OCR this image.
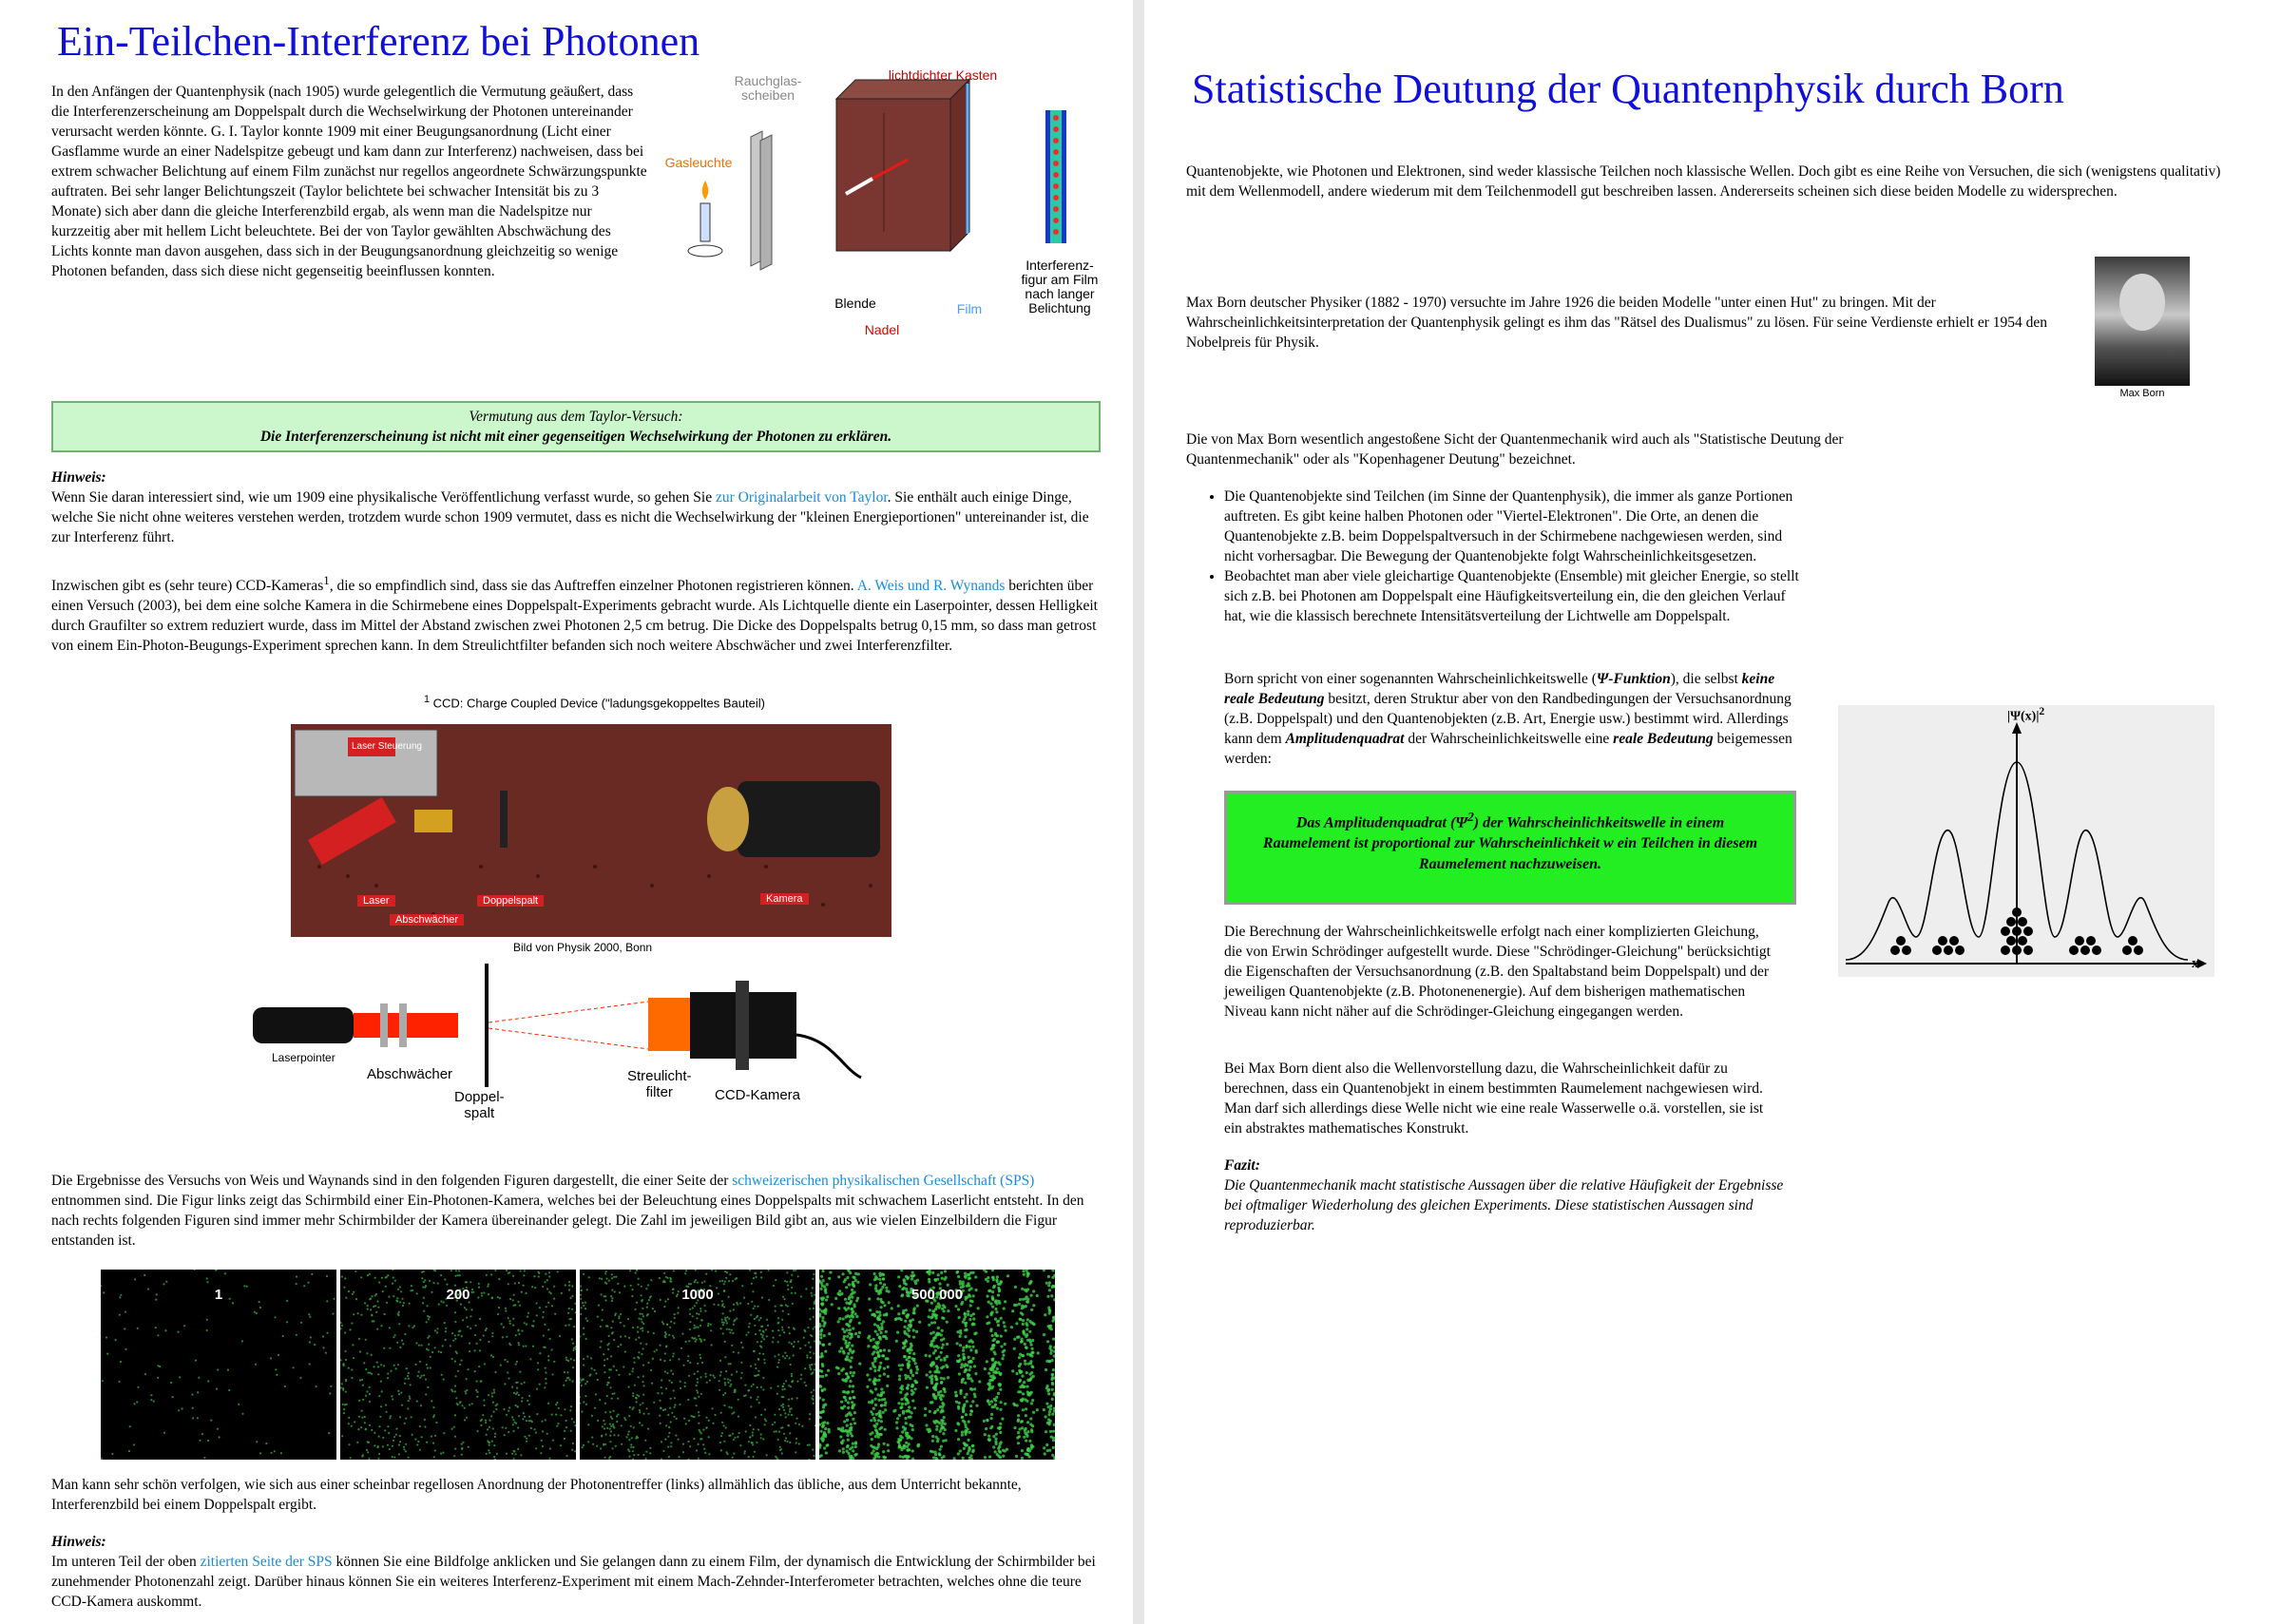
Ein-Teilchen-Interferenz bei Photonen
In den Anfängen der Quantenphysik (nach 1905) wurde gelegentlich die Vermutung geäußert, dass die Interferenzerscheinung am Doppelspalt durch die Wechselwirkung der Photonen untereinander verursacht werden könnte. G. I. Taylor konnte 1909 mit einer Beugungsanordnung (Licht einer Gasflamme wurde an einer Nadelspitze gebeugt und kam dann zur Interferenz) nachweisen, dass bei extrem schwacher Belichtung auf einem Film zunächst nur regellos angeordnete Schwärzungspunkte auftraten. Bei sehr langer Belichtungszeit (Taylor belichtete bei schwacher Intensität bis zu 3 Monate) sich aber dann die gleiche Interferenzbild ergab, als wenn man die Nadelspitze nur kurzzeitig aber mit hellem Licht beleuchtete. Bei der von Taylor gewählten Abschwächung des Lichts konnte man davon ausgehen, dass sich in der Beugungsanordnung gleichzeitig so wenige Photonen befanden, dass sich diese nicht gegenseitig beeinflussen konnten.
Rauchglas-
scheiben
lichtdichter Kasten
Gasleuchte
Blende
Nadel
Film
Interferenz-
figur am Film
nach langer
Belichtung
Vermutung aus dem Taylor-Versuch:
Die Interferenzerscheinung ist nicht mit einer gegenseitigen Wechselwirkung der Photonen zu erklären.
Hinweis:
Wenn Sie daran interessiert sind, wie um 1909 eine physikalische Veröffentlichung verfasst wurde, so gehen Sie zur Originalarbeit von Taylor. Sie enthält auch einige Dinge, welche Sie nicht ohne weiteres verstehen werden, trotzdem wurde schon 1909 vermutet, dass es nicht die Wechselwirkung der "kleinen Energieportionen" untereinander ist, die zur Interferenz führt.
Inzwischen gibt es (sehr teure) CCD-Kameras$^1$, die so empfindlich sind, dass sie das Auftreffen einzelner Photonen registrieren können. A. Weis und R. Wynands berichten über einen Versuch (2003), bei dem eine solche Kamera in die Schirmebene eines Doppelspalt-Experiments gebracht wurde. Als Lichtquelle diente ein Laserpointer, dessen Helligkeit durch Graufilter so extrem reduziert wurde, dass im Mittel der Abstand zwischen zwei Photonen 2,5 cm betrug. Die Dicke des Doppelspalts betrug 0,15 mm, so dass man getrost von einem Ein-Photon-Beugungs-Experiment sprechen kann. In dem Streulichtfilter befanden sich noch weitere Abschwächer und zwei Interferenzfilter.
$^1$ CCD: Charge Coupled Device ("ladungsgekoppeltes Bauteil)
Laser Steuerung
Laser
Abschwächer
Doppelspalt	Kamera
Bild von Physik 2000, Bonn
Laserpointer
Abschwächer
Doppel-
spalt
Streulicht-
filter	CCD-Kamera
Die Ergebnisse des Versuchs von Weis und Waynands sind in den folgenden Figuren dargestellt, die einer Seite der schweizerischen physikalischen Gesellschaft (SPS) entnommen sind. Die Figur links zeigt das Schirmbild einer Ein-Photonen-Kamera, welches bei der Beleuchtung eines Doppelspalts mit schwachem Laserlicht entsteht. In den nach rechts folgenden Figuren sind immer mehr Schirmbilder der Kamera übereinander gelegt. Die Zahl im jeweiligen Bild gibt an, aus wie vielen Einzelbildern die Figur entstanden ist.
1	200	1000	500 000
Man kann sehr schön verfolgen, wie sich aus einer scheinbar regellosen Anordnung der Photonentreffer (links) allmählich das übliche, aus dem Unterricht bekannte, Interferenzbild bei einem Doppelspalt ergibt.
Hinweis:
Im unteren Teil der oben zitierten Seite der SPS können Sie eine Bildfolge anklicken und Sie gelangen dann zu einem Film, der dynamisch die Entwicklung der Schirmbilder bei zunehmender Photonenzahl zeigt. Darüber hinaus können Sie ein weiteres Interferenz-Experiment mit einem Mach-Zehnder-Interferometer betrachten, welches ohne die teure CCD-Kamera auskommt.
Statistische Deutung der Quantenphysik durch Born
Quantenobjekte, wie Photonen und Elektronen, sind weder klassische Teilchen noch klassische Wellen. Doch gibt es eine Reihe von Versuchen, die sich (wenigstens qualitativ) mit dem Wellenmodell, andere wiederum mit dem Teilchenmodell gut beschreiben lassen. Andererseits scheinen sich diese beiden Modelle zu widersprechen.
Max Born deutscher Physiker (1882 - 1970) versuchte im Jahre 1926 die beiden Modelle "unter einen Hut" zu bringen. Mit der Wahrscheinlichkeitsinterpretation der Quantenphysik gelingt es ihm das "Rätsel des Dualismus" zu lösen. Für seine Verdienste erhielt er 1954 den Nobelpreis für Physik.
Max Born
Die von Max Born wesentlich angestoßene Sicht der Quantenmechanik wird auch als "Statistische Deutung der Quantenmechanik" oder als "Kopenhagener Deutung" bezeichnet.
• Die Quantenobjekte sind Teilchen (im Sinne der Quantenphysik), die immer als ganze Portionen auftreten. Es gibt keine halben Photonen oder "Viertel-Elektronen". Die Orte, an denen die Quantenobjekte z.B. beim Doppelspaltversuch in der Schirmebene nachgewiesen werden, sind nicht vorhersagbar. Die Bewegung der Quantenobjekte folgt Wahrscheinlichkeitsgesetzen.
• Beobachtet man aber viele gleichartige Quantenobjekte (Ensemble) mit gleicher Energie, so stellt sich z.B. bei Photonen am Doppelspalt eine Häufigkeitsverteilung ein, die den gleichen Verlauf hat, wie die klassisch berechnete Intensitätsverteilung der Lichtwelle am Doppelspalt.
Born spricht von einer sogenannten Wahrscheinlichkeitswelle (Ψ-Funktion), die selbst keine reale Bedeutung besitzt, deren Struktur aber von den Randbedingungen der Versuchsanordnung (z.B. Doppelspalt) und den Quantenobjekten (z.B. Art, Energie usw.) bestimmt wird. Allerdings kann dem Amplitudenquadrat der Wahrscheinlichkeitswelle eine reale Bedeutung beigemessen werden:
Das Amplitudenquadrat $(\Psi^2)$ der Wahrscheinlichkeitswelle in einem Raumelement ist proportional zur Wahrscheinlichkeit w ein Teilchen in diesem Raumelement nachzuweisen.
Die Berechnung der Wahrscheinlichkeitswelle erfolgt nach einer komplizierten Gleichung, die von Erwin Schrödinger aufgestellt wurde. Diese "Schrödinger-Gleichung" berücksichtigt die Eigenschaften der Versuchsanordnung (z.B. den Spaltabstand beim Doppelspalt) und der jeweiligen Quantenobjekte (z.B. Photonenenergie). Auf dem bisherigen mathematischen Niveau kann nicht näher auf die Schrödinger-Gleichung eingegangen werden.
Bei Max Born dient also die Wellenvorstellung dazu, die Wahrscheinlichkeit dafür zu berechnen, dass ein Quantenobjekt in einem bestimmten Raumelement nachgewiesen wird. Man darf sich allerdings diese Welle nicht wie eine reale Wasserwelle o.ä. vorstellen, sie ist ein abstraktes mathematisches Konstrukt.
Fazit:
Die Quantenmechanik macht statistische Aussagen über die relative Häufigkeit der Ergebnisse bei oftmaliger Wiederholung des gleichen Experiments. Diese statistischen Aussagen sind reproduzierbar.
$|\Psi(x)|^2$
x
